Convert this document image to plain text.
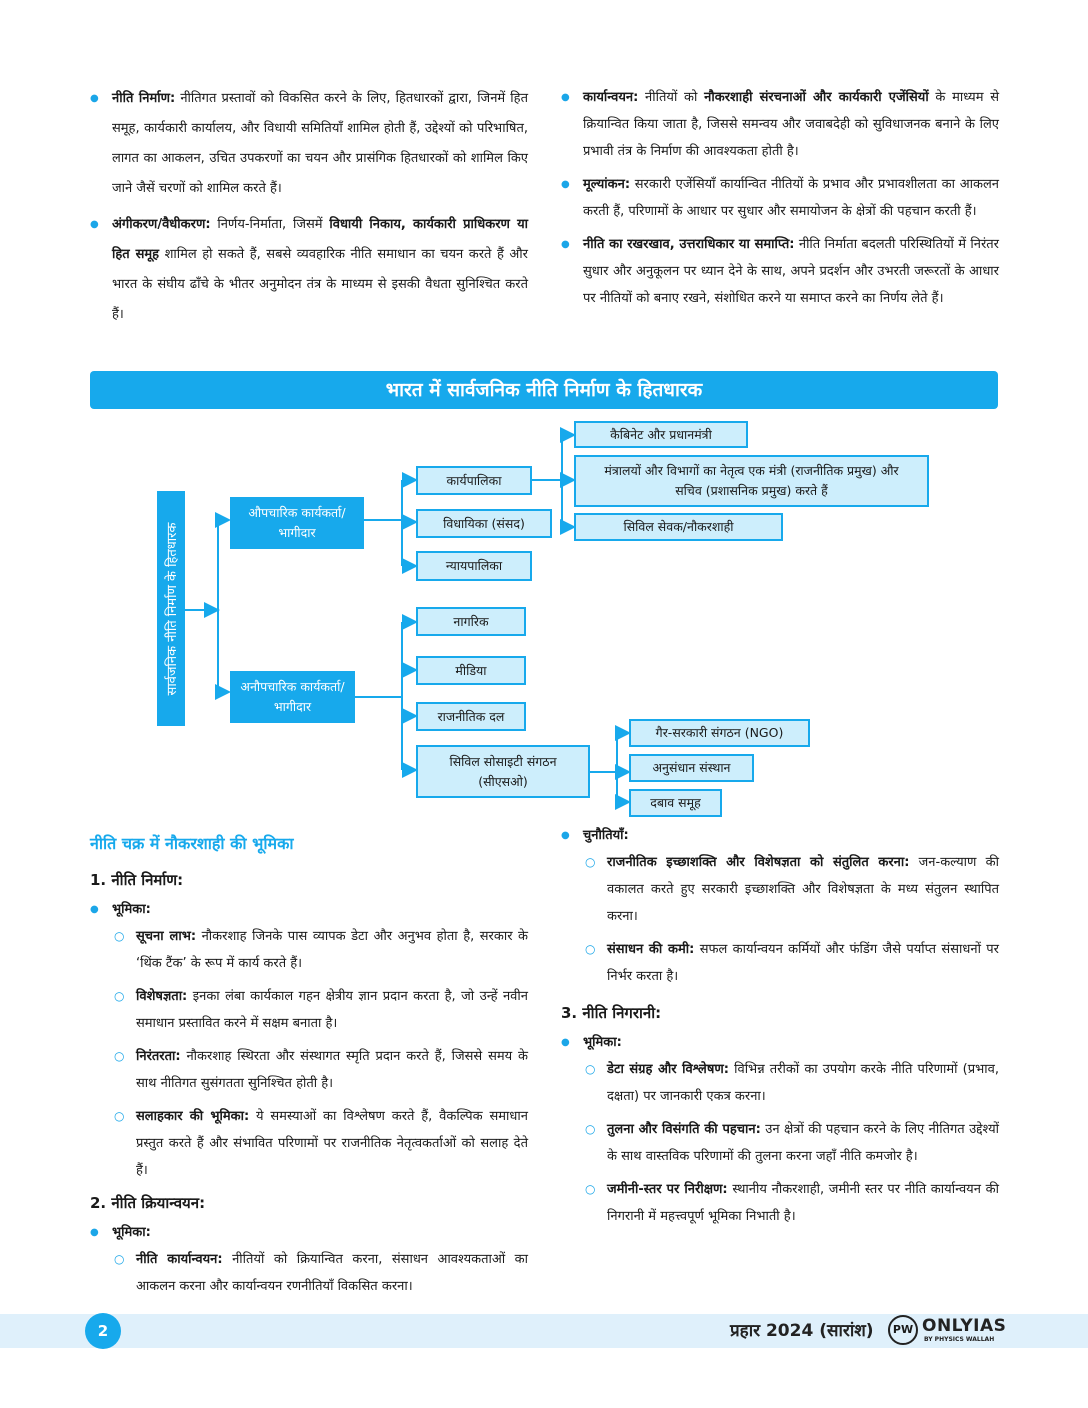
● नीति निर्माण: नीतिगत प्रस्तावों को विकसित करने के लिए, हितधारकों द्वारा, जिनमें हित समूह, कार्यकारी कार्यालय, और विधायी समितियाँ शामिल होती हैं, उद्देश्यों को परिभाषित, लागत का आकलन, उचित उपकरणों का चयन और प्रासंगिक हितधारकों को शामिल किए जाने जैसें चरणों को शामिल करते हैं।
● अंगीकरण/वैधीकरण: निर्णय-निर्माता, जिसमें विधायी निकाय, कार्यकारी प्राधिकरण या हित समूह शामिल हो सकते हैं, सबसे व्यवहारिक नीति समाधान का चयन करते हैं और भारत के संघीय ढाँचे के भीतर अनुमोदन तंत्र के माध्यम से इसकी वैधता सुनिश्चित करते हैं।
● कार्यान्वयन: नीतियों को नौकरशाही संरचनाओं और कार्यकारी एजेंसियों के माध्यम से क्रियान्वित किया जाता है, जिससे समन्वय और जवाबदेही को सुविधाजनक बनाने के लिए प्रभावी तंत्र के निर्माण की आवश्यकता होती है।
● मूल्यांकन: सरकारी एजेंसियाँ कार्यान्वित नीतियों के प्रभाव और प्रभावशीलता का आकलन करती हैं, परिणामों के आधार पर सुधार और समायोजन के क्षेत्रों की पहचान करती हैं।
● नीति का रखरखाव, उत्तराधिकार या समाप्ति: नीति निर्माता बदलती परिस्थितियों में निरंतर सुधार और अनुकूलन पर ध्यान देने के साथ, अपने प्रदर्शन और उभरती जरूरतों के आधार पर नीतियों को बनाए रखने, संशोधित करने या समाप्त करने का निर्णय लेते हैं।
भारत में सार्वजनिक नीति निर्माण के हितधारक
सार्वजनिक नीति निर्माण के हितधारक
औपचारिक कार्यकर्ता/भागीदार
अनौपचारिक कार्यकर्ता/भागीदार
कार्यपालिका
विधायिका (संसद)
न्यायपालिका
कैबिनेट और प्रधानमंत्री
मंत्रालयों और विभागों का नेतृत्व एक मंत्री (राजनीतिक प्रमुख) और सचिव (प्रशासनिक प्रमुख) करते हैं
सिविल सेवक/नौकरशाही
नागरिक
मीडिया
राजनीतिक दल
सिविल सोसाइटी संगठन (सीएसओ)
गैर-सरकारी संगठन (NGO)
अनुसंधान संस्थान
दबाव समूह
नीति चक्र में नौकरशाही की भूमिका
1. नीति निर्माण:
● भूमिका:
○ सूचना लाभ: नौकरशाह जिनके पास व्यापक डेटा और अनुभव होता है, सरकार के ‘थिंक टैंक’ के रूप में कार्य करते हैं।
○ विशेषज्ञता: इनका लंबा कार्यकाल गहन क्षेत्रीय ज्ञान प्रदान करता है, जो उन्हें नवीन समाधान प्रस्तावित करने में सक्षम बनाता है।
○ निरंतरता: नौकरशाह स्थिरता और संस्थागत स्मृति प्रदान करते हैं, जिससे समय के साथ नीतिगत सुसंगतता सुनिश्चित होती है।
○ सलाहकार की भूमिका: ये समस्याओं का विश्लेषण करते हैं, वैकल्पिक समाधान प्रस्तुत करते हैं और संभावित परिणामों पर राजनीतिक नेतृत्वकर्ताओं को सलाह देते हैं।
2. नीति क्रियान्वयन:
● भूमिका:
○ नीति कार्यान्वयन: नीतियों को क्रियान्वित करना, संसाधन आवश्यकताओं का आकलन करना और कार्यान्वयन रणनीतियाँ विकसित करना।
● चुनौतियाँ:
○ राजनीतिक इच्छाशक्ति और विशेषज्ञता को संतुलित करना: जन-कल्याण की वकालत करते हुए सरकारी इच्छाशक्ति और विशेषज्ञता के मध्य संतुलन स्थापित करना।
○ संसाधन की कमी: सफल कार्यान्वयन कर्मियों और फंडिंग जैसे पर्याप्त संसाधनों पर निर्भर करता है।
3. नीति निगरानी:
● भूमिका:
○ डेटा संग्रह और विश्लेषण: विभिन्न तरीकों का उपयोग करके नीति परिणामों (प्रभाव, दक्षता) पर जानकारी एकत्र करना।
○ तुलना और विसंगति की पहचान: उन क्षेत्रों की पहचान करने के लिए नीतिगत उद्देश्यों के साथ वास्तविक परिणामों की तुलना करना जहाँ नीति कमजोर है।
○ जमीनी-स्तर पर निरीक्षण: स्थानीय नौकरशाही, जमीनी स्तर पर नीति कार्यान्वयन की निगरानी में महत्त्वपूर्ण भूमिका निभाती है।
2	प्रहार 2024 (सारांश)	PW ONLYIAS
BY PHYSICS WALLAH
